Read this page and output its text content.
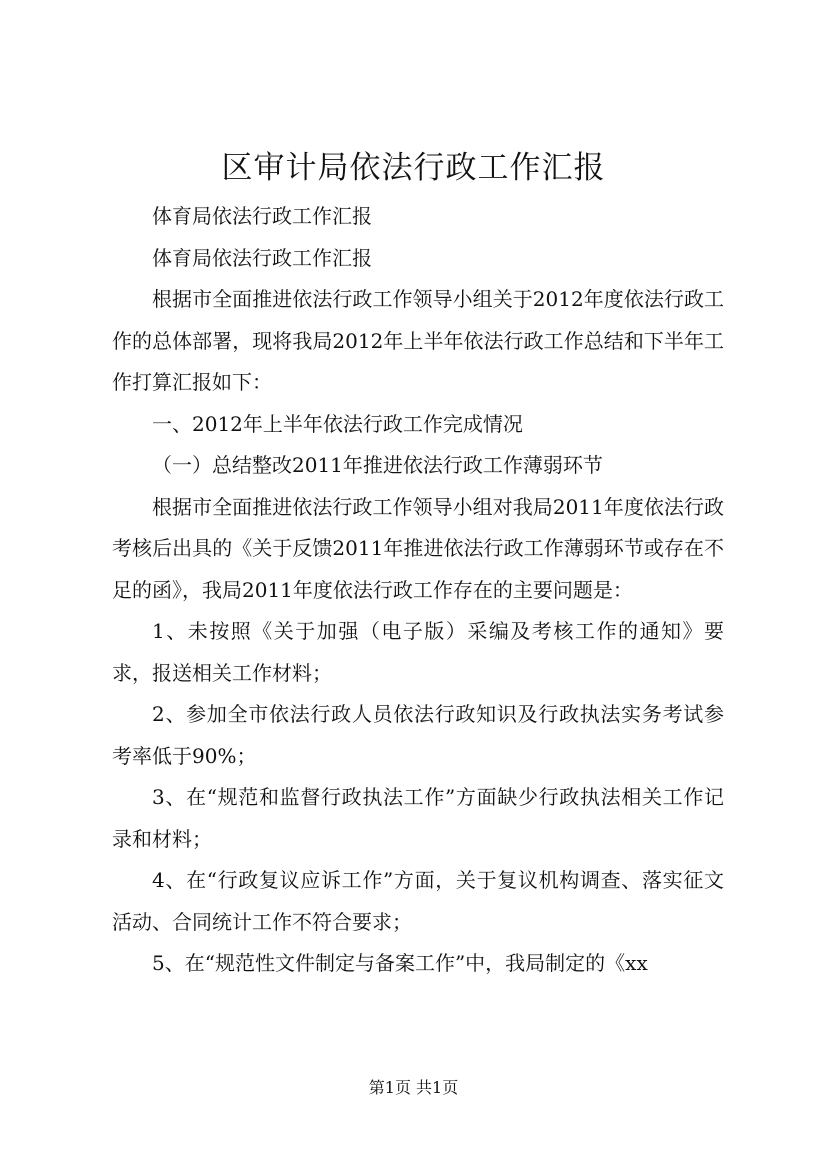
区审计局依法行政工作汇报

体育局依法行政工作汇报

体育局依法行政工作汇报

根据市全面推进依法行政工作领导小组关于2012年度依法行政工作的总体部署，现将我局2012年上半年依法行政工作总结和下半年工作打算汇报如下：

一、2012年上半年依法行政工作完成情况

（一）总结整改2011年推进依法行政工作薄弱环节

根据市全面推进依法行政工作领导小组对我局2011年度依法行政考核后出具的《关于反馈2011年推进依法行政工作薄弱环节或存在不足的函》，我局2011年度依法行政工作存在的主要问题是：

1、未按照《关于加强（电子版）采编及考核工作的通知》要求，报送相关工作材料；

2、参加全市依法行政人员依法行政知识及行政执法实务考试参考率低于90%；

3、在“规范和监督行政执法工作”方面缺少行政执法相关工作记录和材料；

4、在“行政复议应诉工作”方面，关于复议机构调查、落实征文活动、合同统计工作不符合要求；

5、在“规范性文件制定与备案工作”中，我局制定的《xx

第1页 共1页
